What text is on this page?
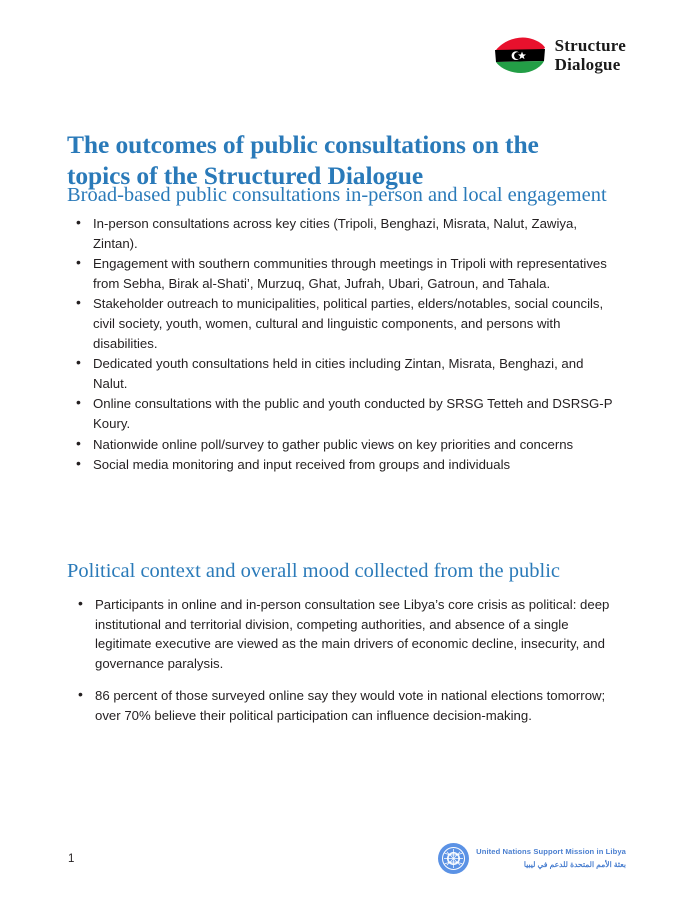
Structure
Dialogue
The outcomes of public consultations on the topics of the Structured Dialogue
Broad-based public consultations in-person and local engagement
• In-person consultations across key cities (Tripoli, Benghazi, Misrata, Nalut, Zawiya, Zintan).
• Engagement with southern communities through meetings in Tripoli with representatives from Sebha, Birak al-Shati’, Murzuq, Ghat, Jufrah, Ubari, Gatroun, and Tahala.
• Stakeholder outreach to municipalities, political parties, elders/notables, social councils, civil society, youth, women, cultural and linguistic components, and persons with disabilities.
• Dedicated youth consultations held in cities including Zintan, Misrata, Benghazi, and Nalut.
• Online consultations with the public and youth conducted by SRSG Tetteh and DSRSG-P Koury.
• Nationwide online poll/survey to gather public views on key priorities and concerns
• Social media monitoring and input received from groups and individuals
Political context and overall mood collected from the public
• Participants in online and in-person consultation see Libya’s core crisis as political: deep institutional and territorial division, competing authorities, and absence of a single legitimate executive are viewed as the main drivers of economic decline, insecurity, and governance paralysis.
• 86 percent of those surveyed online say they would vote in national elections tomorrow; over 70% believe their political participation can influence decision-making.
1
United Nations Support Mission in Libya
بعثة الأمم المتحدة للدعم في ليبيا
